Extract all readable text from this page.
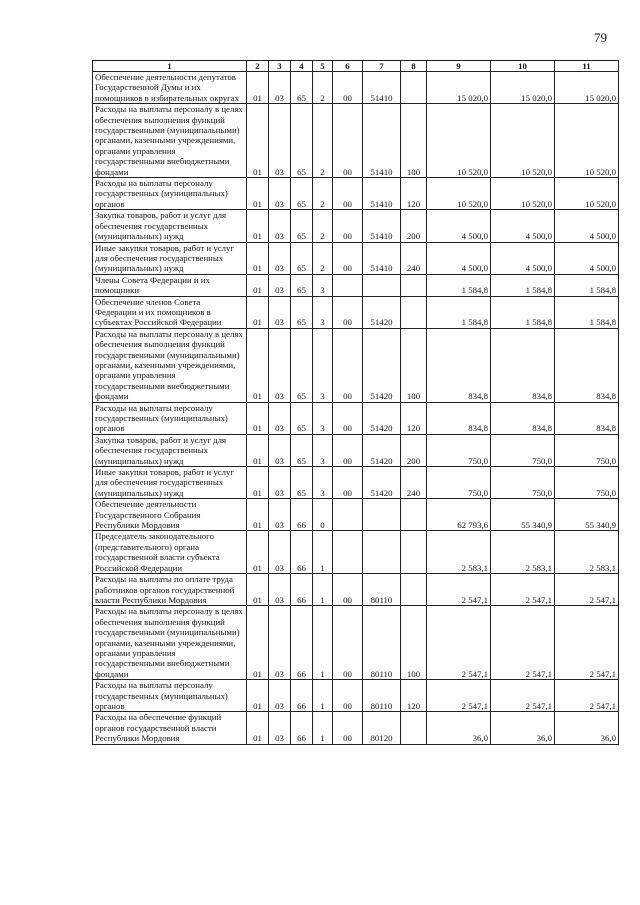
79
1	2	3	4	5	6	7	8	9	10	11
Обеспечение деятельности депутатов Государственной Думы и их помощников в избирательных округах	01	03	65	2	00	51410		15 020,0	15 020,0	15 020,0
Расходы на выплаты персоналу в целях обеспечения выполнения функций государственными (муниципальными) органами, казенными учреждениями, органами управления государственными внебюджетными фондами	01	03	65	2	00	51410	100	10 520,0	10 520,0	10 520,0
Расходы на выплаты персоналу государственных (муниципальных) органов	01	03	65	2	00	51410	120	10 520,0	10 520,0	10 520,0
Закупка товаров, работ и услуг для обеспечения государственных (муниципальных) нужд	01	03	65	2	00	51410	200	4 500,0	4 500,0	4 500,0
Иные закупки товаров, работ и услуг для обеспечения государственных (муниципальных) нужд	01	03	65	2	00	51410	240	4 500,0	4 500,0	4 500,0
Члены Совета Федерации и их помощники	01	03	65	3				1 584,8	1 584,8	1 584,8
Обеспечение членов Совета Федерации и их помощников в субъектах Российской Федерации	01	03	65	3	00	51420		1 584,8	1 584,8	1 584,8
Расходы на выплаты персоналу в целях обеспечения выполнения функций государственными (муниципальными) органами, казенными учреждениями, органами управления государственными внебюджетными фондами	01	03	65	3	00	51420	100	834,8	834,8	834,8
Расходы на выплаты персоналу государственных (муниципальных) органов	01	03	65	3	00	51420	120	834,8	834,8	834,8
Закупка товаров, работ и услуг для обеспечения государственных (муниципальных) нужд	01	03	65	3	00	51420	200	750,0	750,0	750,0
Иные закупки товаров, работ и услуг для обеспечения государственных (муниципальных) нужд	01	03	65	3	00	51420	240	750,0	750,0	750,0
Обеспечение деятельности Государственного Собрания Республики Мордовия	01	03	66	0				62 793,6	55 340,9	55 340,9
Председатель законодательного (представительного) органа государственной власти субъекта Российской Федерации	01	03	66	1				2 583,1	2 583,1	2 583,1
Расходы на выплаты по оплате труда работников органов государственной власти Республики Мордовия	01	03	66	1	00	80110		2 547,1	2 547,1	2 547,1
Расходы на выплаты персоналу в целях обеспечения выполнения функций государственными (муниципальными) органами, казенными учреждениями, органами управления государственными внебюджетными фондами	01	03	66	1	00	80110	100	2 547,1	2 547,1	2 547,1
Расходы на выплаты персоналу государственных (муниципальных) органов	01	03	66	1	00	80110	120	2 547,1	2 547,1	2 547,1
Расходы на обеспечение функций органов государственной власти Республики Мордовия	01	03	66	1	00	80120		36,0	36,0	36,0
